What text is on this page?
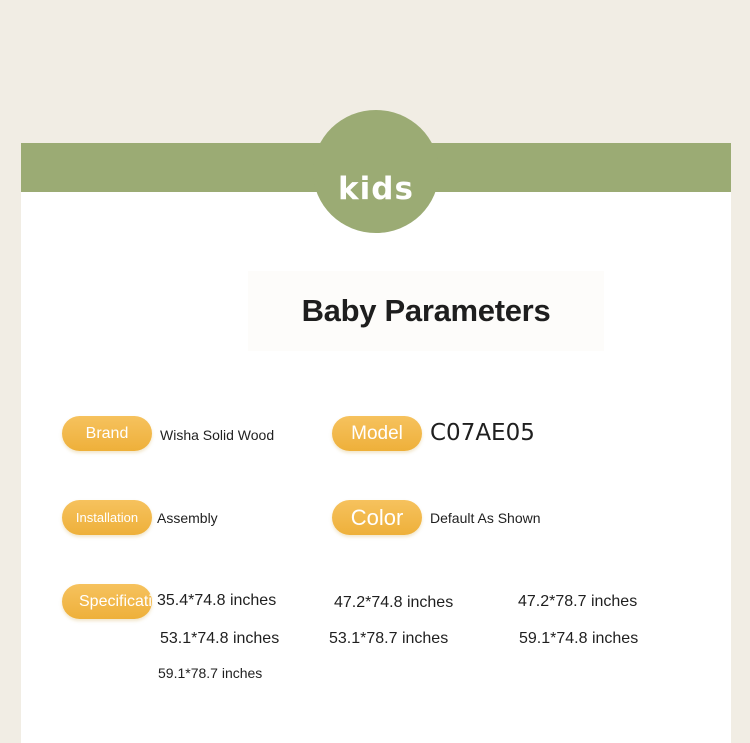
kids
Baby Parameters
Brand Wisha Solid Wood	Model C07AE05
Installation Assembly	Color Default As Shown
Specification
35.4*74.8 inches	47.2*74.8 inches	47.2*78.7 inches
53.1*74.8 inches	53.1*78.7 inches	59.1*74.8 inches
59.1*78.7 inches
